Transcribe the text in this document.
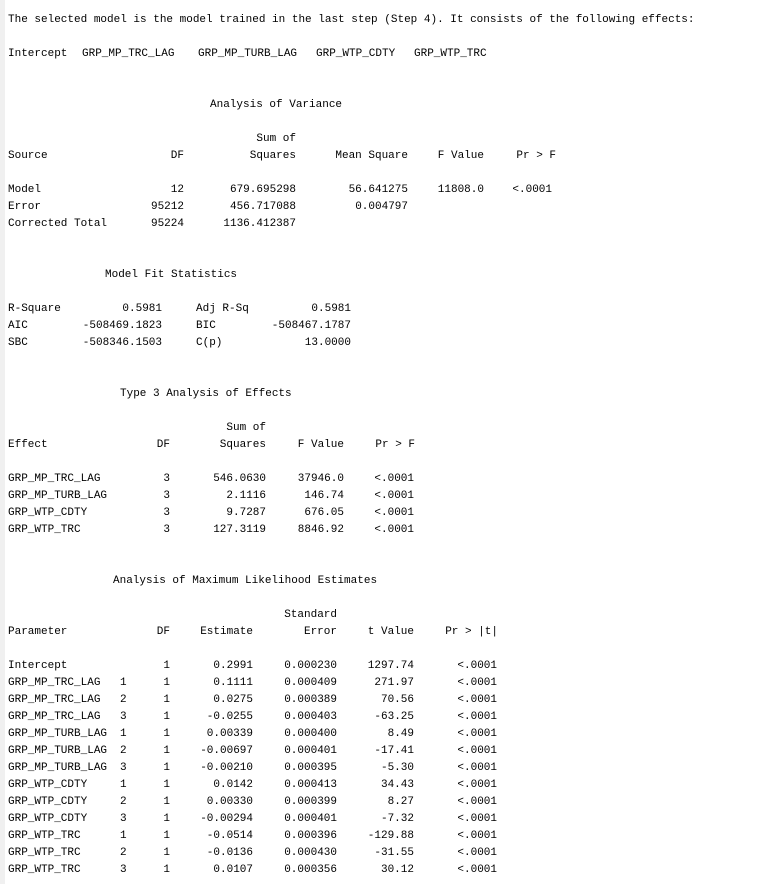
The selected model is the model trained in the last step (Step 4). It consists of the following effects:
Intercept GRP_MP_TRC_LAG GRP_MP_TURB_LAG GRP_WTP_CDTY GRP_WTP_TRC
Analysis of Variance
Sum of
Source	DF	Squares	Mean Square	F Value	Pr > F
Model	12	679.695298	56.641275	11808.0	<.0001
Error	95212	456.717088	0.004797
Corrected Total	95224	1136.412387
Model Fit Statistics
R-Square	0.5981	Adj R-Sq	0.5981
AIC	-508469.1823	BIC	-508467.1787
SBC	-508346.1503	C(p)	13.0000
Type 3 Analysis of Effects
Sum of
Effect	DF	Squares	F Value	Pr > F
GRP_MP_TRC_LAG	3	546.0630	37946.0	<.0001
GRP_MP_TURB_LAG	3	2.1116	146.74	<.0001
GRP_WTP_CDTY	3	9.7287	676.05	<.0001
GRP_WTP_TRC	3	127.3119	8846.92	<.0001
Analysis of Maximum Likelihood Estimates
Standard
Parameter	DF	Estimate	Error	t Value	Pr > |t|
Intercept	1	0.2991	0.000230	1297.74	<.0001
GRP_MP_TRC_LAG 1	1	0.1111	0.000409	271.97	<.0001
GRP_MP_TRC_LAG 2	1	0.0275	0.000389	70.56	<.0001
GRP_MP_TRC_LAG 3	1	-0.0255	0.000403	-63.25	<.0001
GRP_MP_TURB_LAG 1	1	0.00339	0.000400	8.49	<.0001
GRP_MP_TURB_LAG 2	1	-0.00697	0.000401	-17.41	<.0001
GRP_MP_TURB_LAG 3	1	-0.00210	0.000395	-5.30	<.0001
GRP_WTP_CDTY	1	1	0.0142	0.000413	34.43	<.0001
GRP_WTP_CDTY	2	1	0.00330	0.000399	8.27	<.0001
GRP_WTP_CDTY	3	1	-0.00294	0.000401	-7.32	<.0001
GRP_WTP_TRC	1	1	-0.0514	0.000396	-129.88	<.0001
GRP_WTP_TRC	2	1	-0.0136	0.000430	-31.55	<.0001
GRP_WTP_TRC	3	1	0.0107	0.000356	30.12	<.0001
